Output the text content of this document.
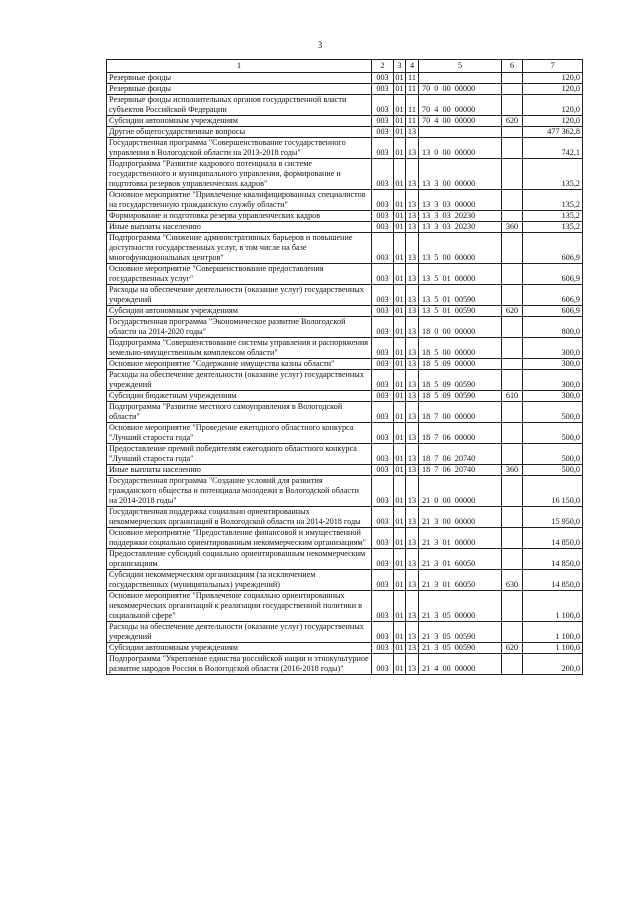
3
1	2	3	4	5	6	7
Резервные фонды	003	01	11			120,0
Резервные фонды	003	01	11	70  0  00  00000		120,0
Резервные фонды исполнительных органов государственной власти субъектов Российской Федерации	003	01	11	70  4  00  00000		120,0
Субсидии автономным учреждениям	003	01	11	70  4  00  00000	620	120,0
Другие общегосударственные вопросы	003	01	13			477 362,8
Государственная программа "Совершенствование государственного управления в Вологодской области на 2013-2018 годы"	003	01	13	13  0  00  00000		742,1
Подпрограмма "Развитие кадрового потенциала в системе государственного и муниципального управления, формирование и подготовка резервов управленческих кадров"	003	01	13	13  3  00  00000		135,2
Основное мероприятие "Привлечение квалифицированных специалистов на государственную гражданскую службу области"	003	01	13	13  3  03  00000		135,2
Формирование и подготовка резерва управленческих кадров	003	01	13	13  3  03  20230		135,2
Иные выплаты населению	003	01	13	13  3  03  20230	360	135,2
Подпрограмма "Снижение административных барьеров и повышение доступности государственных услуг, в том числе на базе многофункциональных центров"	003	01	13	13  5  00  00000		606,9
Основное мероприятие "Совершенствование предоставления государственных услуг"	003	01	13	13  5  01  00000		606,9
Расходы на обеспечение деятельности (оказание услуг) государственных учреждений	003	01	13	13  5  01  00590		606,9
Субсидии автономным учреждениям	003	01	13	13  5  01  00590	620	606,9
Государственная программа "Экономическое развитие Вологодской области на 2014-2020 годы"	003	01	13	18  0  00  00000		800,0
Подпрограмма "Совершенствование системы управления и распоряжения земельно-имущественным комплексом области"	003	01	13	18  5  00  00000		300,0
Основное мероприятие "Содержание имущества казны области"	003	01	13	18  5  09  00000		300,0
Расходы на обеспечение деятельности (оказание услуг) государственных учреждений	003	01	13	18  5  09  00590		300,0
Субсидии бюджетным учреждениям	003	01	13	18  5  09  00590	610	300,0
Подпрограмма "Развитие местного самоуправления в Вологодской области"	003	01	13	18  7  00  00000		500,0
Основное мероприятие "Проведение ежегодного областного конкурса "Лучший староста года"	003	01	13	18  7  06  00000		500,0
Предоставление премий победителям ежегодного областного конкурса "Лучший староста года"	003	01	13	18  7  06  20740		500,0
Иные выплаты населению	003	01	13	18  7  06  20740	360	500,0
Государственная программа "Создание условий для развития гражданского общества и потенциала молодежи в Вологодской области на 2014-2018 годы"	003	01	13	21  0  00  00000		16 150,0
Государственная поддержка социально ориентированных некоммерческих организаций в Вологодской области на 2014-2018 годы	003	01	13	21  3  00  00000		15 950,0
Основное мероприятие "Предоставление финансовой и имущественной поддержки социально ориентированным некоммерческим организациям"	003	01	13	21  3  01  00000		14 850,0
Предоставление субсидий социально ориентированным некоммерческим организациям	003	01	13	21  3  01  60050		14 850,0
Субсидии некоммерческим организациям (за исключением государственных (муниципальных) учреждений)	003	01	13	21  3  01  60050	630	14 850,0
Основное мероприятие "Привлечение социально ориентированных некоммерческих организаций к реализации государственной политики в социальной сфере"	003	01	13	21  3  05  00000		1 100,0
Расходы на обеспечение деятельности (оказание услуг) государственных учреждений	003	01	13	21  3  05  00590		1 100,0
Субсидии автономным учреждениям	003	01	13	21  3  05  00590	620	1 100,0
Подпрограмма "Укрепление единства российской нации и этнокультурное развитие народов России в Вологодской области (2016-2018 годы)"	003	01	13	21  4  00  00000		200,0
